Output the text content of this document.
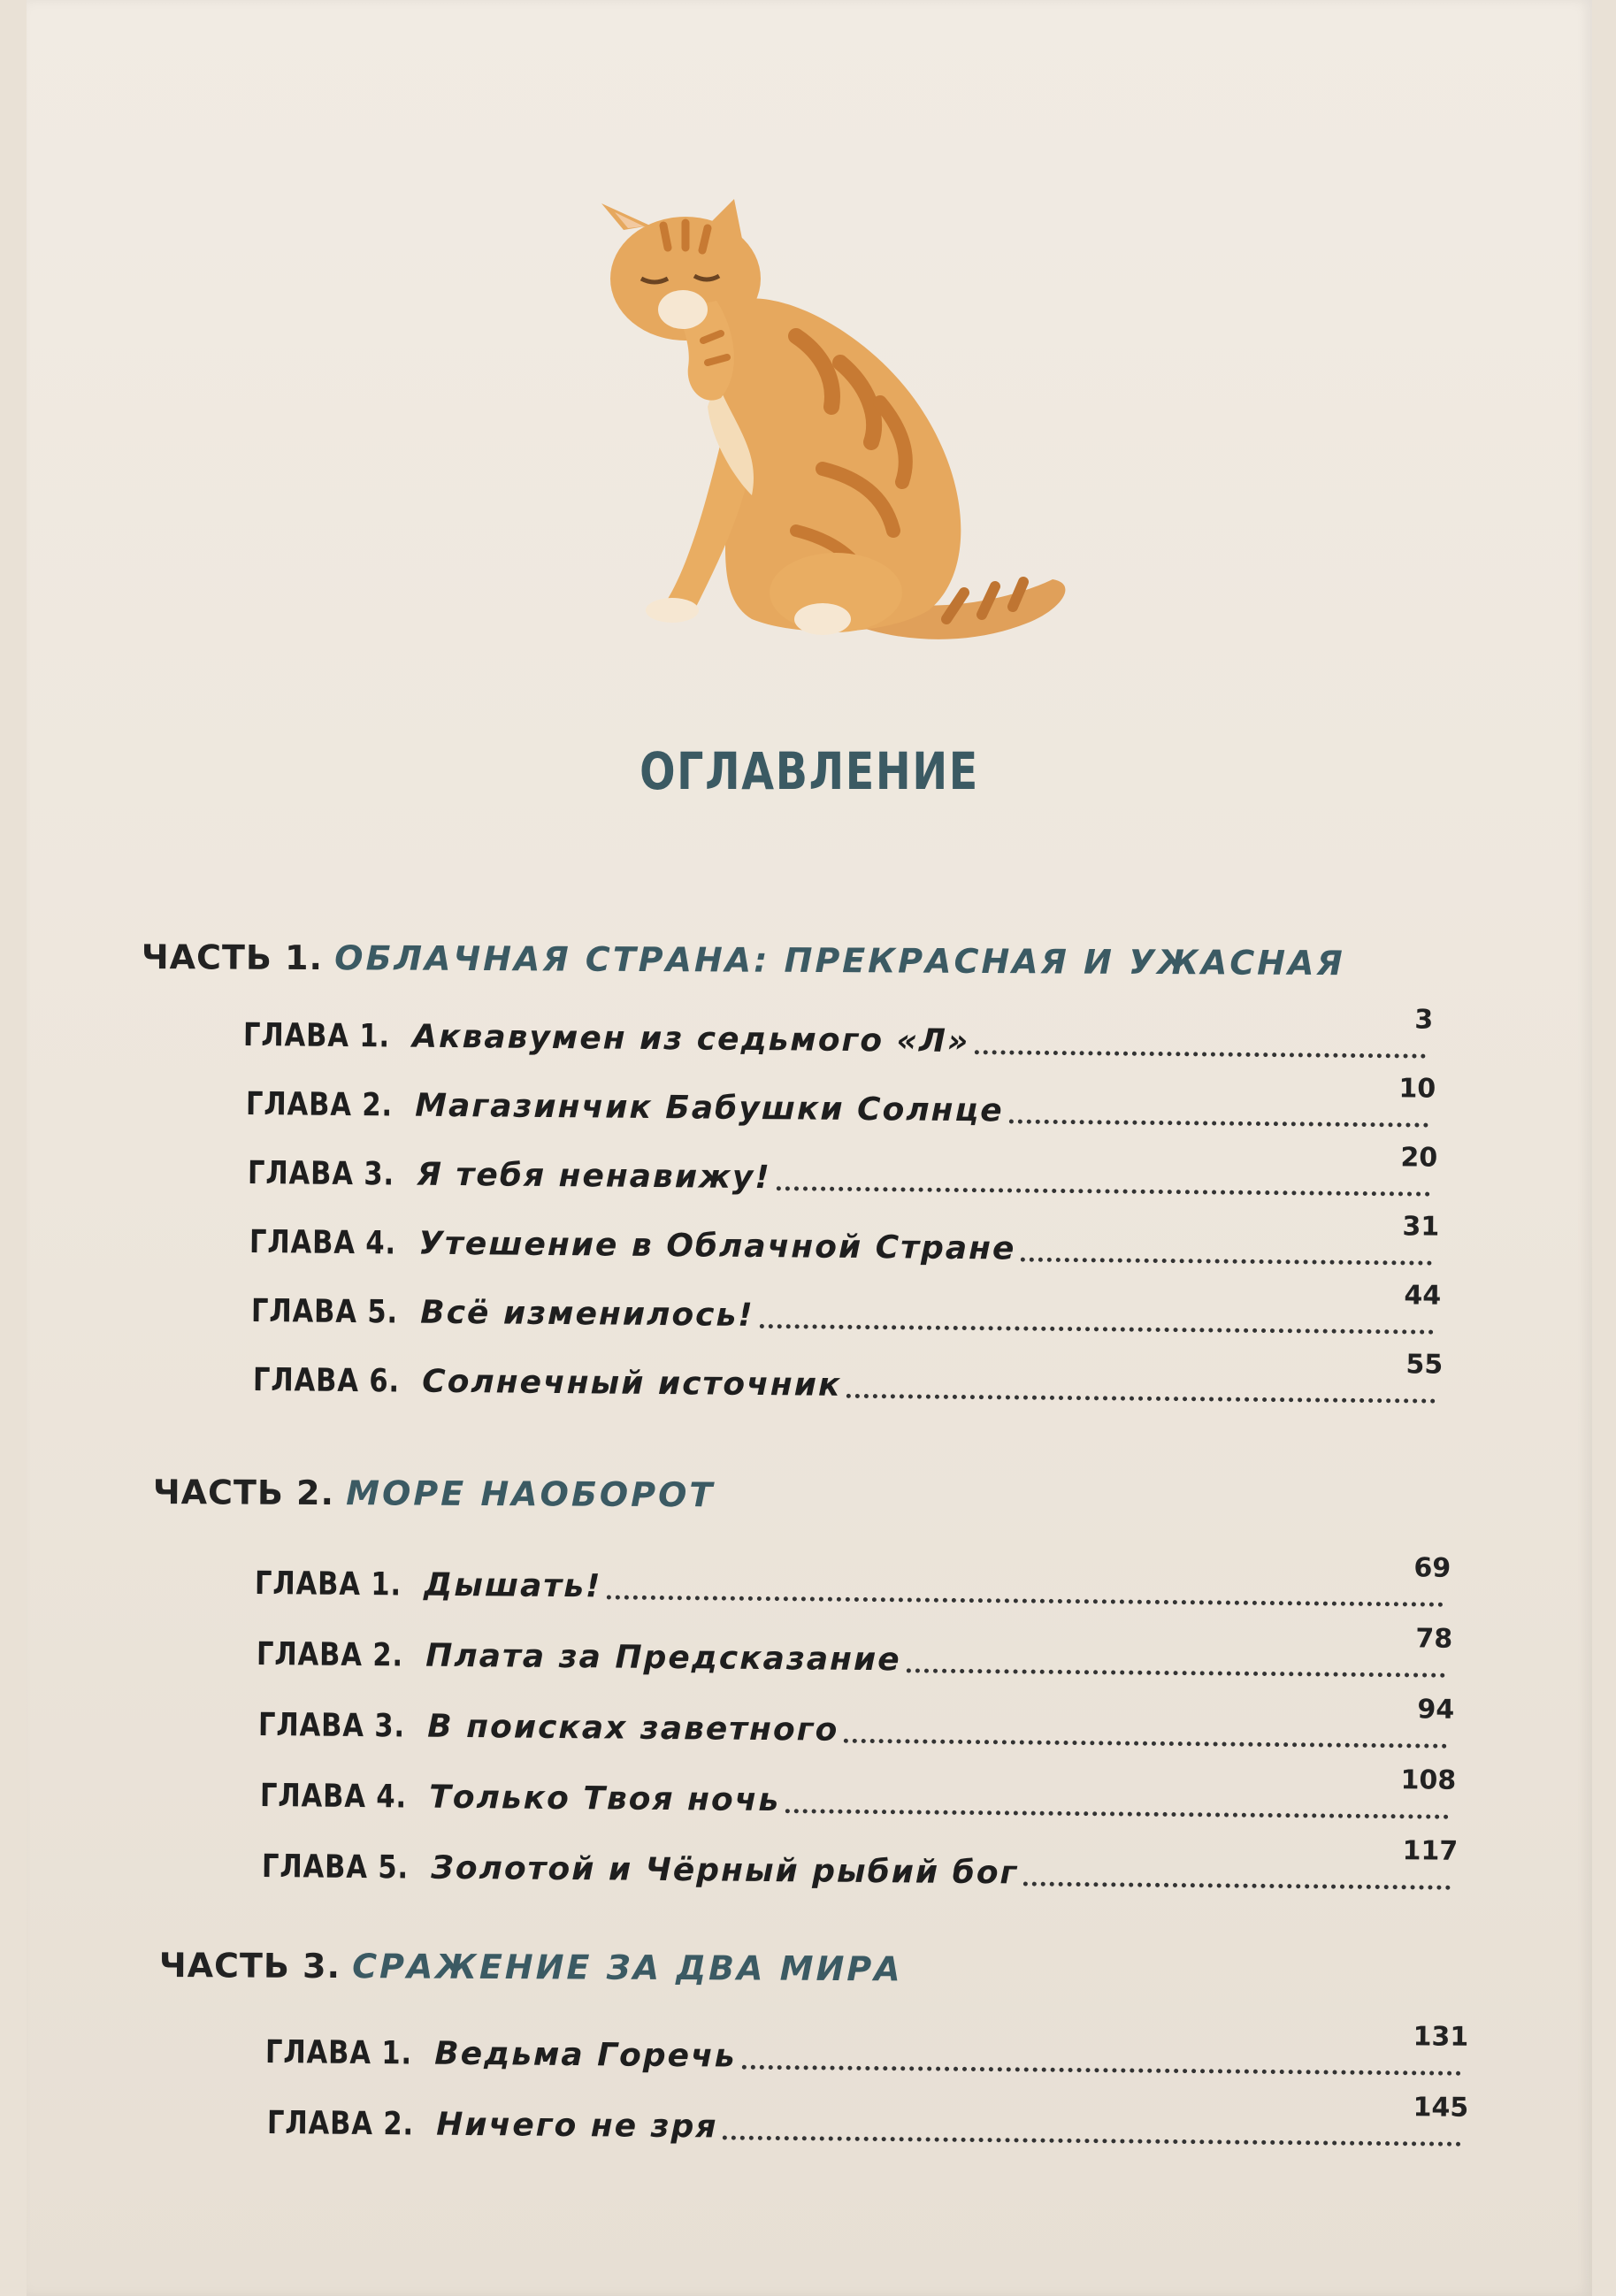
ОГЛАВЛЕНИЕ
ЧАСТЬ 1. ОБЛАЧНАЯ СТРАНА: ПРЕКРАСНАЯ И УЖАСНАЯ
ГЛАВА 1. Аквавумен из седьмого «Л»	3
ГЛАВА 2. Магазинчик Бабушки Солнце	10
ГЛАВА 3. Я тебя ненавижу!	20
ГЛАВА 4. Утешение в Облачной Стране	31
ГЛАВА 5. Всё изменилось!	44
ГЛАВА 6. Солнечный источник	55
ЧАСТЬ 2. МОРЕ НАОБОРОТ
ГЛАВА 1. Дышать!	69
ГЛАВА 2. Плата за Предсказание	78
ГЛАВА 3. В поисках заветного	94
ГЛАВА 4. Только Твоя ночь	108
ГЛАВА 5. Золотой и Чёрный рыбий бог	117
ЧАСТЬ 3. СРАЖЕНИЕ ЗА ДВА МИРА
ГЛАВА 1. Ведьма Горечь	131
ГЛАВА 2. Ничего не зря	145
